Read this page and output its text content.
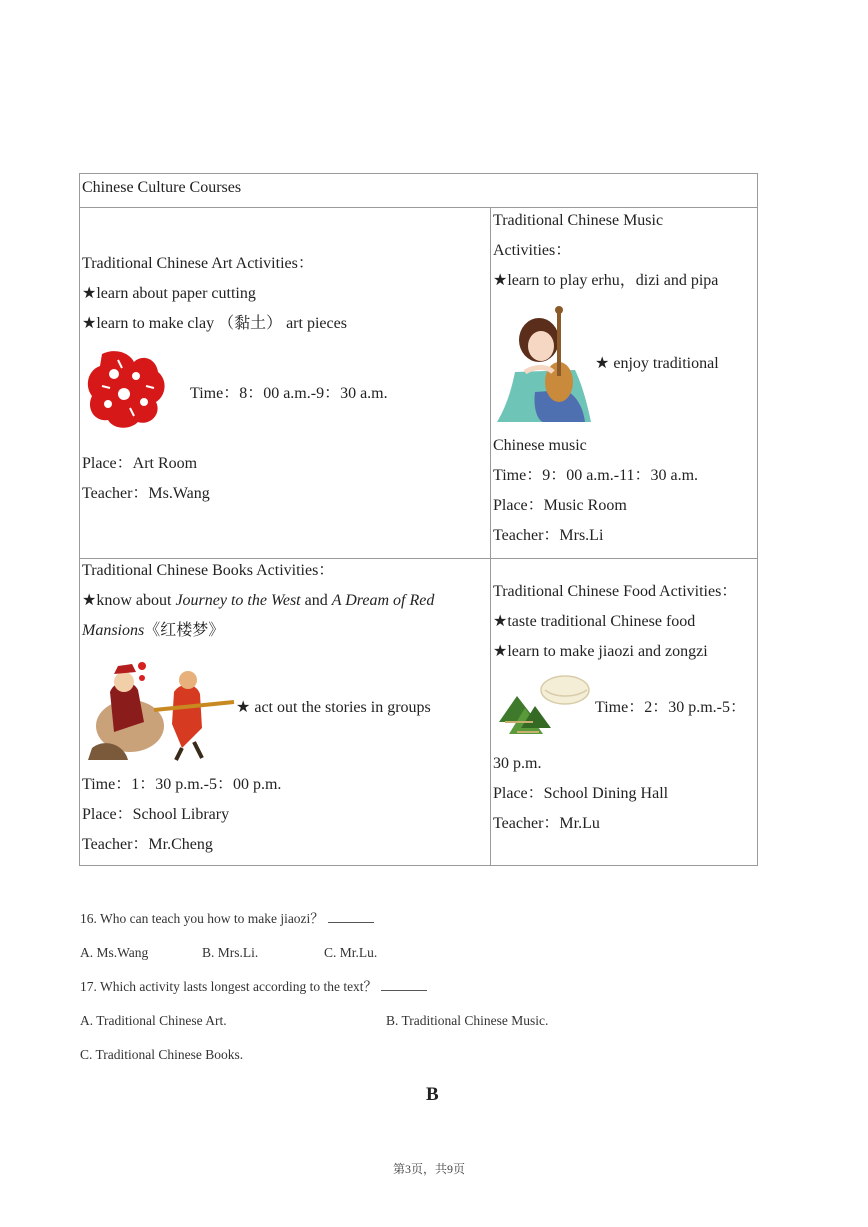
Chinese Culture Courses
Traditional Chinese Art Activities：
★learn about paper cutting
★learn to make clay （黏土） art pieces
Time：8：00 a.m.-9：30 a.m.
Place：Art Room
Teacher：Ms.Wang
Traditional Chinese Music
Activities：
★learn to play erhu，dizi and pipa
★ enjoy traditional
Chinese music
Time：9：00 a.m.-11：30 a.m.
Place：Music Room
Teacher：Mrs.Li
Traditional Chinese Books Activities：
★know about Journey to the West and A Dream of Red
Mansions《红楼梦》
★ act out the stories in groups
Time：1：30 p.m.-5：00 p.m.
Place：School Library
Teacher：Mr.Cheng
Traditional Chinese Food Activities：
★taste traditional Chinese food
★learn to make jiaozi and zongzi
Time：2：30 p.m.-5：
30 p.m.
Place：School Dining Hall
Teacher：Mr.Lu
16. Who can teach you how to make jiaozi？
A. Ms.Wang	B. Mrs.Li.	C. Mr.Lu.
17. Which activity lasts longest according to the text？
A. Traditional Chinese Art.	B. Traditional Chinese Music.
C. Traditional Chinese Books.
B
第3页，共9页
